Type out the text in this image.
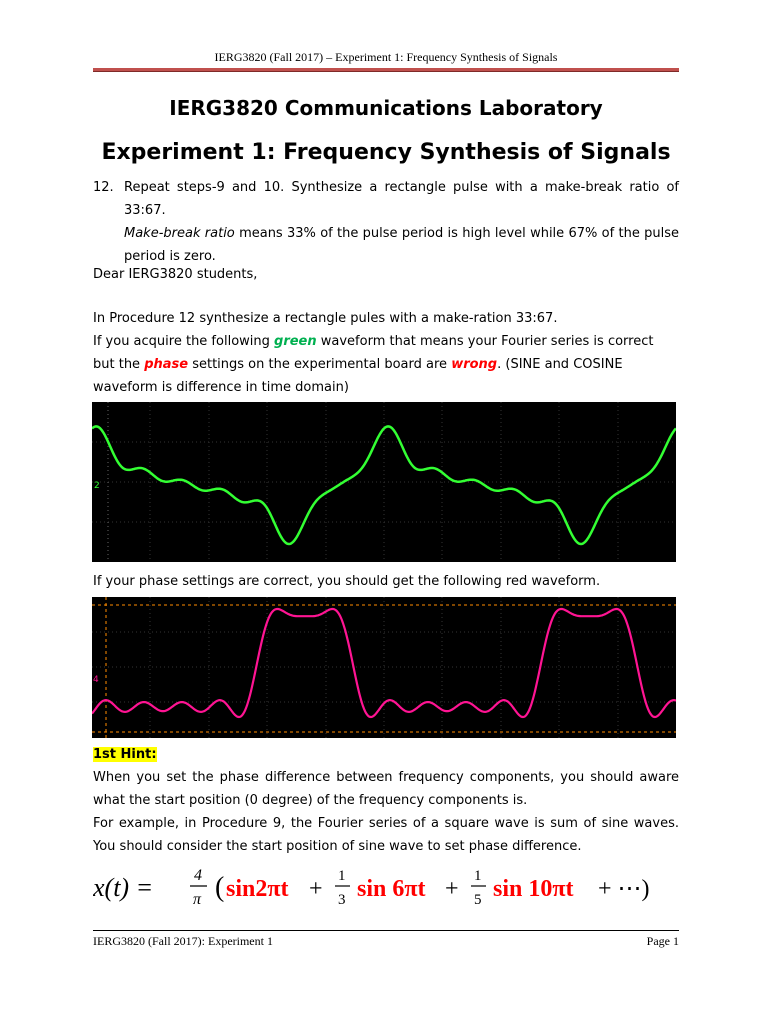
IERG3820 (Fall 2017) – Experiment 1: Frequency Synthesis of Signals
IERG3820 Communications Laboratory
Experiment 1: Frequency Synthesis of Signals
12. Repeat steps-9 and 10. Synthesize a rectangle pulse with a make-break ratio of 33:67.
Make-break ratio means 33% of the pulse period is high level while 67% of the pulse period is zero.
Dear IERG3820 students,
In Procedure 12 synthesize a rectangle pules with a make-ration 33:67.
If you acquire the following green waveform that means your Fourier series is correct but the phase settings on the experimental board are wrong. (SINE and COSINE waveform is difference in time domain)
2
If your phase settings are correct, you should get the following red waveform.
4
1st Hint:
When you set the phase difference between frequency components, you should aware what the start position (0 degree) of the frequency components is.
For example, in Procedure 9, the Fourier series of a square wave is sum of sine waves. You should consider the start position of sine wave to set phase difference.
x(t) =	4
π ( sin2πt + 1
3 sin 6πt + 1
5 sin 10πt + ⋯)
IERG3820 (Fall 2017): Experiment 1	Page 1
